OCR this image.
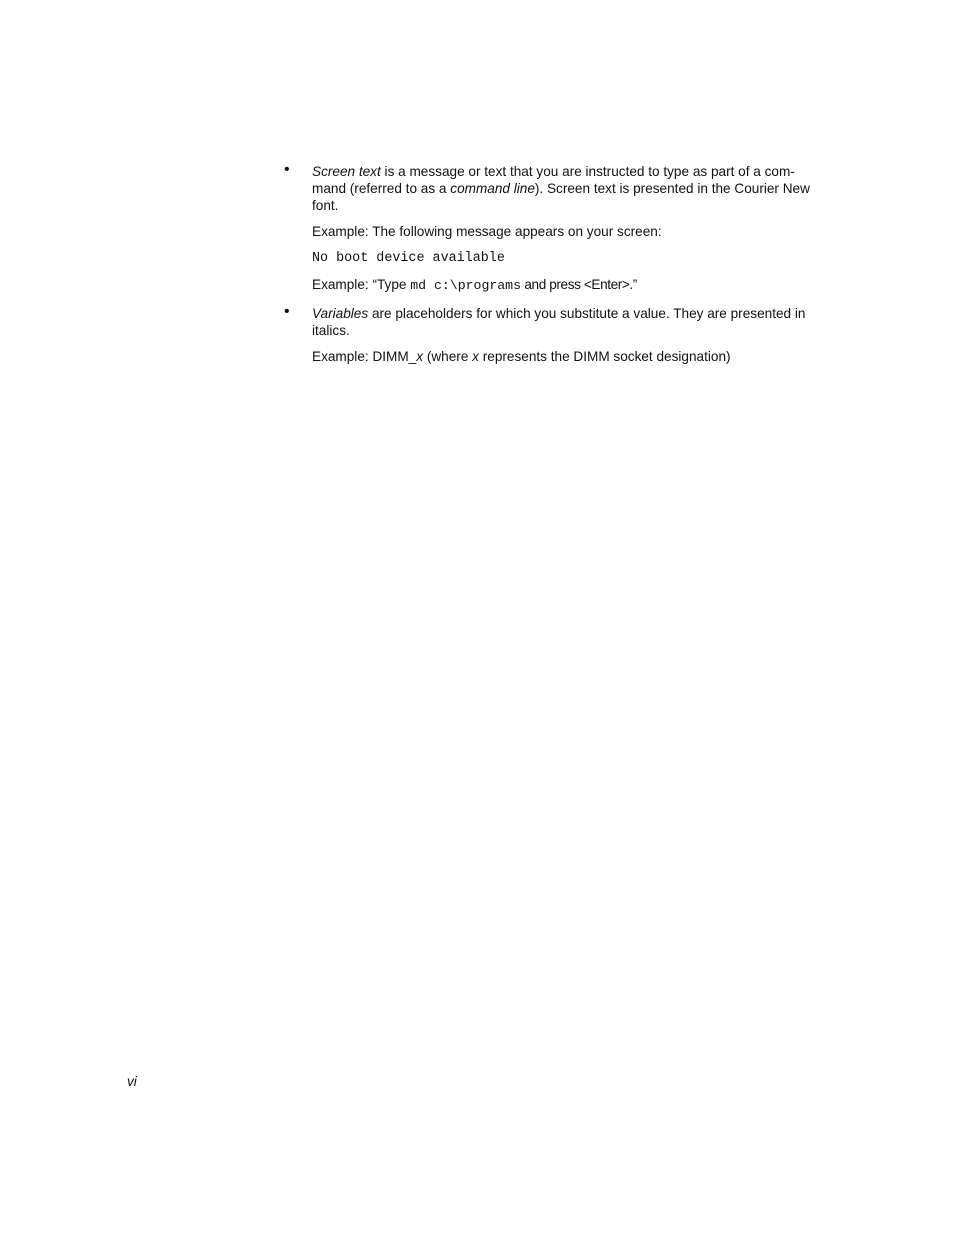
• Screen text is a message or text that you are instructed to type as part of a com-mand (referred to as a command line). Screen text is presented in the Courier New font.

Example: The following message appears on your screen:

No boot device available

Example: “Type md c:\programs and press <Enter>.”

• Variables are placeholders for which you substitute a value. They are presented in italics.

Example: DIMM_x (where x represents the DIMM socket designation)

vi
